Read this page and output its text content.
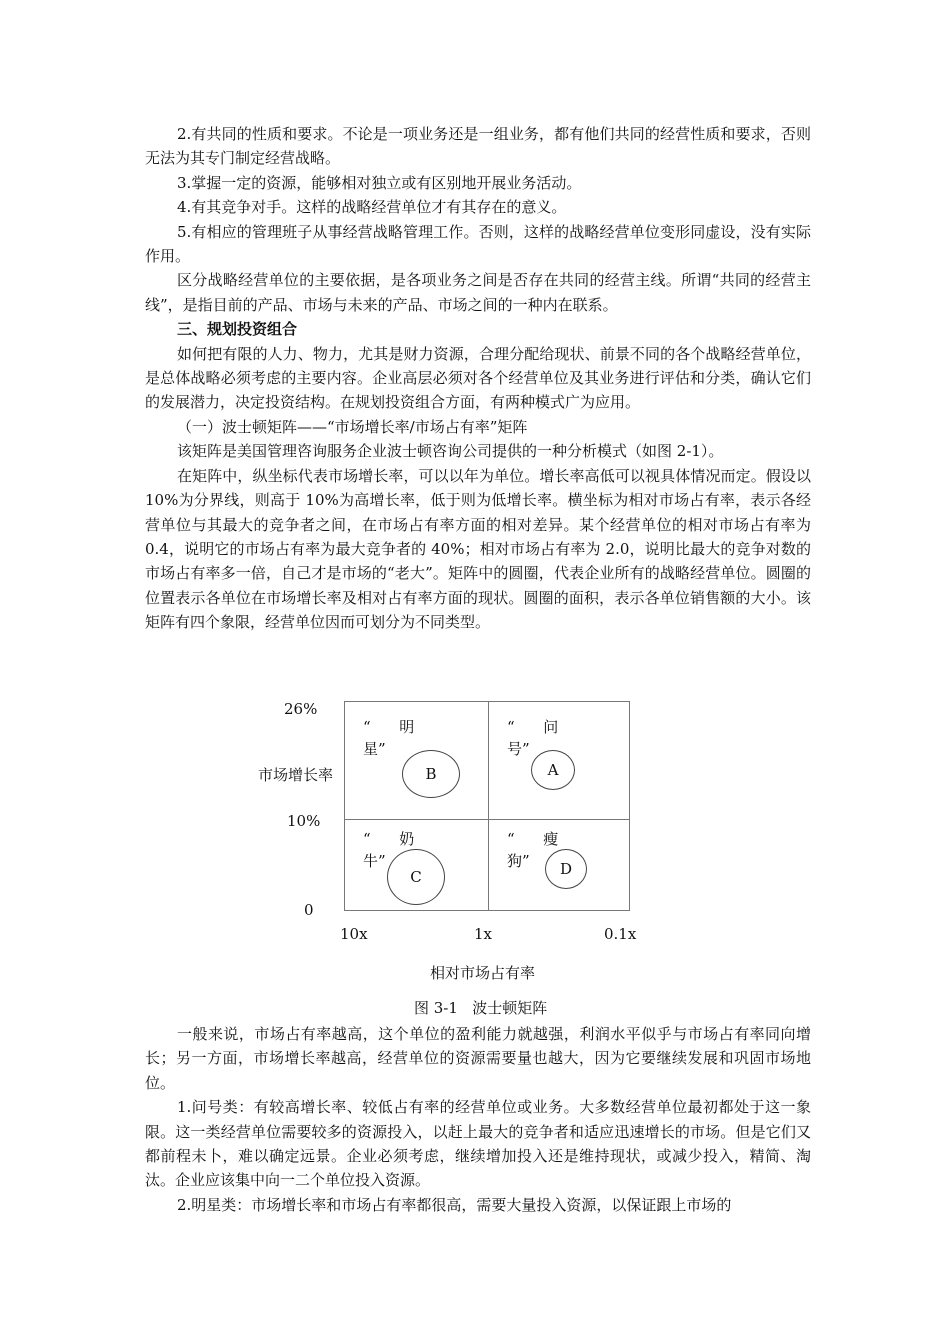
2.有共同的性质和要求。不论是一项业务还是一组业务，都有他们共同的经营性质和要求，否则无法为其专门制定经营战略。

3.掌握一定的资源，能够相对独立或有区别地开展业务活动。

4.有其竞争对手。这样的战略经营单位才有其存在的意义。

5.有相应的管理班子从事经营战略管理工作。否则，这样的战略经营单位变形同虚设，没有实际作用。

区分战略经营单位的主要依据，是各项业务之间是否存在共同的经营主线。所谓“共同的经营主线”，是指目前的产品、市场与未来的产品、市场之间的一种内在联系。

三、规划投资组合

如何把有限的人力、物力，尤其是财力资源，合理分配给现状、前景不同的各个战略经营单位，是总体战略必须考虑的主要内容。企业高层必须对各个经营单位及其业务进行评估和分类，确认它们的发展潜力，决定投资结构。在规划投资组合方面，有两种模式广为应用。

（一）波士顿矩阵——“市场增长率/市场占有率”矩阵

该矩阵是美国管理咨询服务企业波士顿咨询公司提供的一种分析模式（如图 2-1）。

在矩阵中，纵坐标代表市场增长率，可以以年为单位。增长率高低可以视具体情况而定。假设以 10%为分界线，则高于 10%为高增长率，低于则为低增长率。横坐标为相对市场占有率，表示各经营单位与其最大的竞争者之间，在市场占有率方面的相对差异。某个经营单位的相对市场占有率为 0.4，说明它的市场占有率为最大竞争者的 40%；相对市场占有率为 2.0，说明比最大的竞争对数的市场占有率多一倍，自己才是市场的“老大”。矩阵中的圆圈，代表企业所有的战略经营单位。圆圈的位置表示各单位在市场增长率及相对占有率方面的现状。圆圈的面积，表示各单位销售额的大小。该矩阵有四个象限，经营单位因而可划分为不同类型。

市场增长率
26%
10%
0
“      明
星”
B
“      问
号”
A
“      奶
牛”
C
“      瘦
狗”	D
10x	1x	0.1x
相对市场占有率
图 3-1   波士顿矩阵

一般来说，市场占有率越高，这个单位的盈利能力就越强，利润水平似乎与市场占有率同向增长；另一方面，市场增长率越高，经营单位的资源需要量也越大，因为它要继续发展和巩固市场地位。

1.问号类：有较高增长率、较低占有率的经营单位或业务。大多数经营单位最初都处于这一象限。这一类经营单位需要较多的资源投入，以赶上最大的竞争者和适应迅速增长的市场。但是它们又都前程未卜，难以确定远景。企业必须考虑，继续增加投入还是维持现状，或减少投入，精简、淘汰。企业应该集中向一二个单位投入资源。

2.明星类：市场增长率和市场占有率都很高，需要大量投入资源，以保证跟上市场的
